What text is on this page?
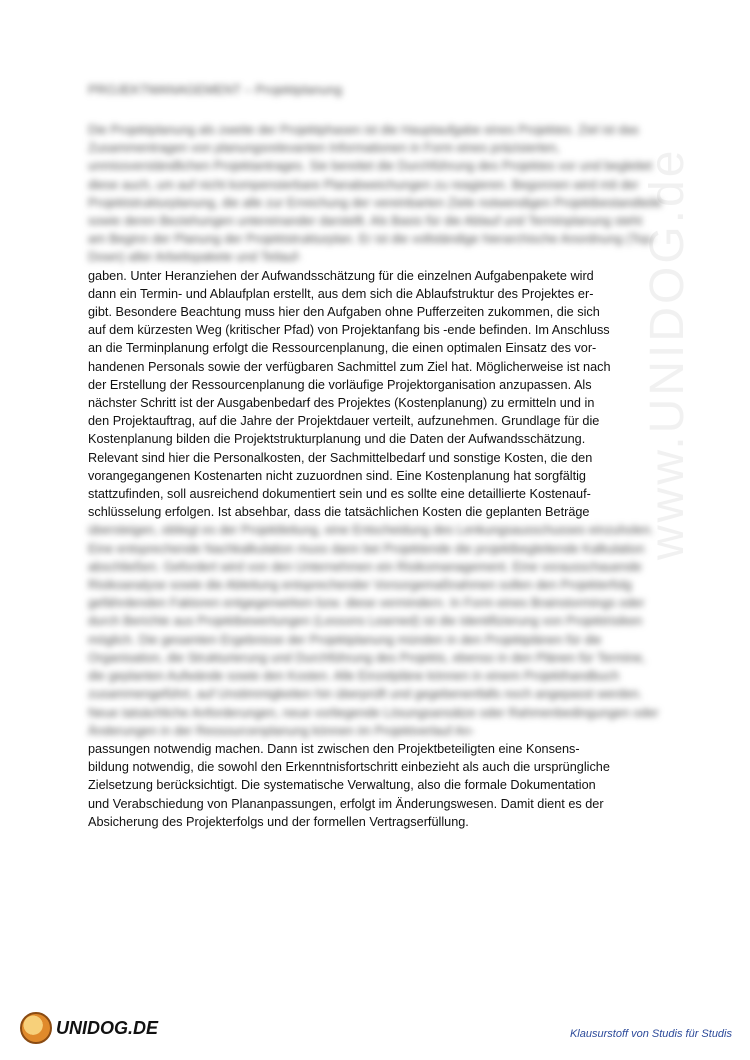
www.UNIDOG.de
PROJEKTMANAGEMENT – Projektplanung

Die Projektplanung als zweite der Projektphasen ist die Hauptaufgabe eines Projektes. Ziel ist das Zusammentragen von planungsrelevanten Informationen in Form eines präzisierten, unmissverständlichen Projektantrages. Sie bereitet die Durchführung des Projektes vor und begleitet diese auch, um auf nicht kompensierbare Planabweichungen zu reagieren. Begonnen wird mit der Projektstrukturplanung, die alle zur Erreichung der vereinbarten Ziele notwendigen Projektbestandteile sowie deren Beziehungen untereinander darstellt. Als Basis für die Ablauf und Terminplanung steht am Beginn der Planung der Projektstrukturplan. Er ist die vollständige hierarchische Anordnung (Top-Down) aller Arbeitspakete und Teilauf-

gaben. Unter Heranziehen der Aufwandsschätzung für die einzelnen Aufgabenpakete wird
dann ein Termin- und Ablaufplan erstellt, aus dem sich die Ablaufstruktur des Projektes er-
gibt. Besondere Beachtung muss hier den Aufgaben ohne Pufferzeiten zukommen, die sich
auf dem kürzesten Weg (kritischer Pfad) von Projektanfang bis -ende befinden. Im Anschluss
an die Terminplanung erfolgt die Ressourcenplanung, die einen optimalen Einsatz des vor-
handenen Personals sowie der verfügbaren Sachmittel zum Ziel hat. Möglicherweise ist nach
der Erstellung der Ressourcenplanung die vorläufige Projektorganisation anzupassen. Als
nächster Schritt ist der Ausgabenbedarf des Projektes (Kostenplanung) zu ermitteln und in
den Projektauftrag, auf die Jahre der Projektdauer verteilt, aufzunehmen. Grundlage für die
Kostenplanung bilden die Projektstrukturplanung und die Daten der Aufwandsschätzung.
Relevant sind hier die Personalkosten, der Sachmittelbedarf und sonstige Kosten, die den
vorangegangenen Kostenarten nicht zuzuordnen sind. Eine Kostenplanung hat sorgfältig
stattzufinden, soll ausreichend dokumentiert sein und es sollte eine detaillierte Kostenauf-
schlüsselung erfolgen. Ist absehbar, dass die tatsächlichen Kosten die geplanten Beträge

übersteigen, obliegt es der Projektleitung, eine Entscheidung des Lenkungsausschusses einzuholen. Eine entsprechende Nachkalkulation muss dann bei Projektende die projektbegleitende Kalkulation abschließen. Gefordert wird von den Unternehmen ein Risikomanagement. Eine vorausschauende Risikoanalyse sowie die Ableitung entsprechender Vorsorgemaßnahmen sollen den Projekterfolg gefährdenden Faktoren entgegenwirken bzw. diese vermindern. In Form eines Brainstormings oder durch Berichte aus Projektbewertungen (Lessons Learned) ist die Identifizierung von Projektrisiken möglich. Die gesamten Ergebnisse der Projektplanung münden in den Projektplänen für die Organisation, die Strukturierung und Durchführung des Projekts, ebenso in den Plänen für Termine, die geplanten Aufwände sowie den Kosten. Alle Einzelpläne können in einem Projekthandbuch zusammengeführt, auf Unstimmigkeiten hin überprüft und gegebenenfalls noch angepasst werden. Neue tatsächliche Anforderungen, neue vorliegende Lösungsansätze oder Rahmenbedingungen oder Änderungen in der Ressourcenplanung können im Projektverlauf An-

passungen notwendig machen. Dann ist zwischen den Projektbeteiligten eine Konsens-
bildung notwendig, die sowohl den Erkenntnisfortschritt einbezieht als auch die ursprüngliche
Zielsetzung berücksichtigt. Die systematische Verwaltung, also die formale Dokumentation
und Verabschiedung von Plananpassungen, erfolgt im Änderungswesen. Damit dient es der
Absicherung des Projekterfolgs und der formellen Vertragserfüllung.

UNIDOG.DE	Klausurstoff von Studis für Studis
